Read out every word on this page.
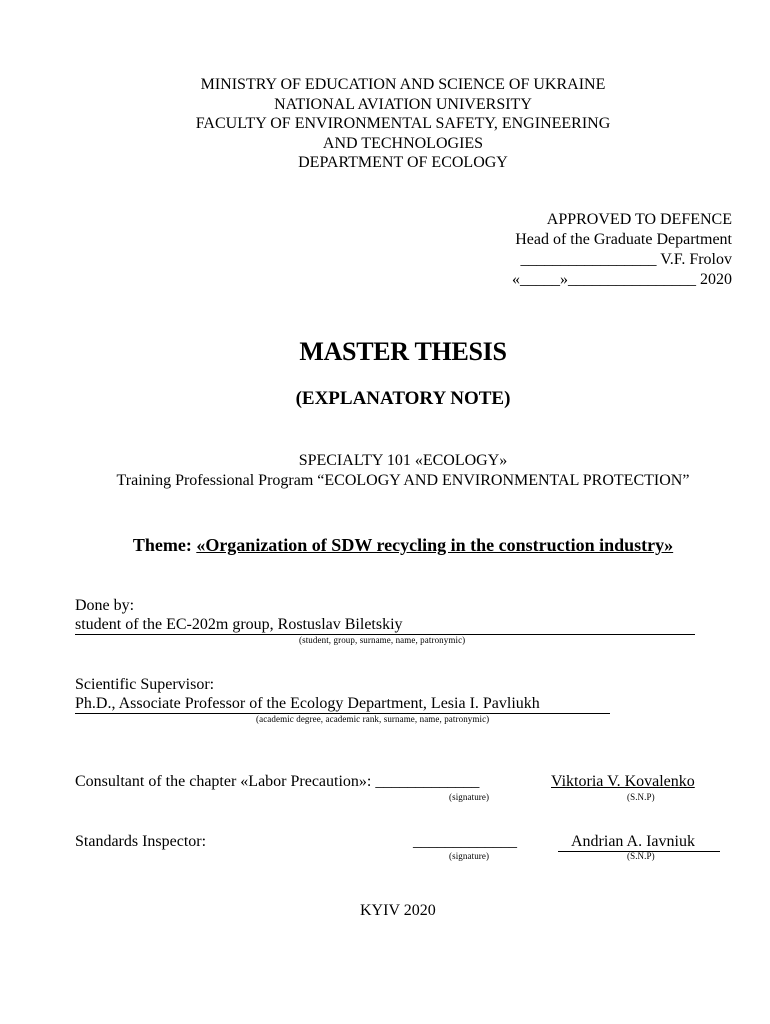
MINISTRY OF EDUCATION AND SCIENCE OF UKRAINE
NATIONAL AVIATION UNIVERSITY
FACULTY OF ENVIRONMENTAL SAFETY, ENGINEERING
AND TECHNOLOGIES
DEPARTMENT OF ECOLOGY
APPROVED TO DEFENCE
Head of the Graduate Department
_________________ V.F. Frolov
«_____»________________ 2020
MASTER THESIS
(EXPLANATORY NOTE)
SPECIALTY 101 «ECOLOGY»
Training Professional Program “ECOLOGY AND ENVIRONMENTAL PROTECTION”
Theme: «Organization of SDW recycling in the construction industry»
Done by:
student of the EC-202m group, Rostuslav Biletskiy
(student, group, surname, name, patronymic)
Scientific Supervisor:
Ph.D., Associate Professor of the Ecology Department, Lesia I. Pavliukh
(academic degree, academic rank, surname, name, patronymic)
Consultant of the chapter «Labor Precaution»: _____________	Viktoria V. Kovalenko
(signature)	(S.N.P)
Standards Inspector:	_____________	Andrian A. Iavniuk
(signature)	(S.N.P)
KYIV 2020
